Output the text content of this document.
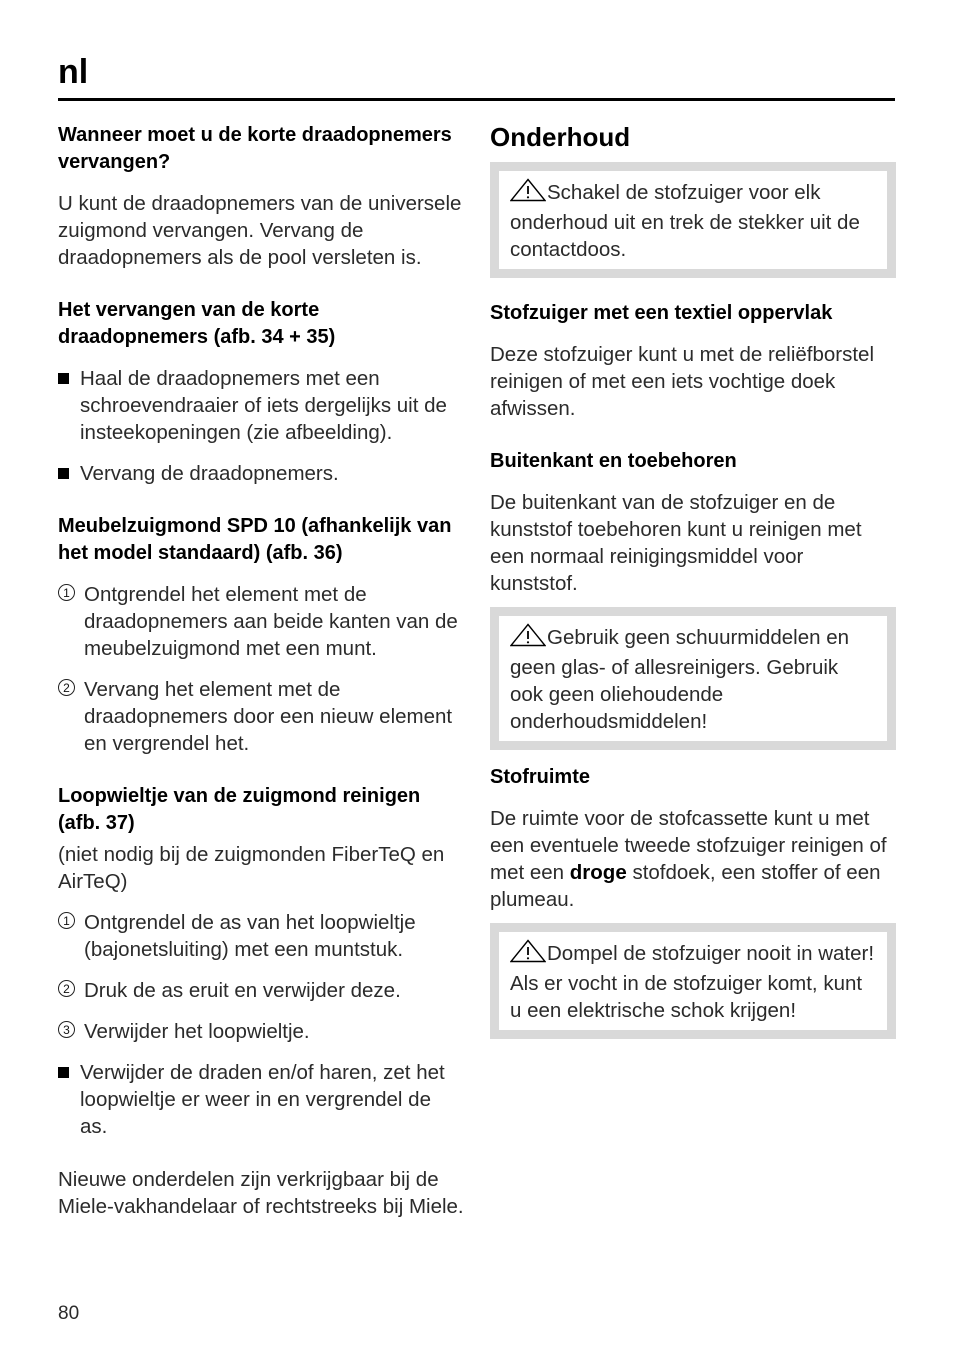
nl
Wanneer moet u de korte draadopnemers vervangen?
U kunt de draadopnemers van de universele zuigmond vervangen. Vervang de draadopnemers als de pool versleten is.
Het vervangen van de korte draadopnemers (afb. 34 + 35)
Haal de draadopnemers met een schroevendraaier of iets dergelijks uit de insteekopeningen (zie afbeelding).
Vervang de draadopnemers.
Meubelzuigmond SPD 10 (afhankelijk van het model standaard) (afb. 36)
1 Ontgrendel het element met de draadopnemers aan beide kanten van de meubelzuigmond met een munt.
2 Vervang het element met de draadopnemers door een nieuw element en vergrendel het.
Loopwieltje van de zuigmond reinigen (afb. 37)
(niet nodig bij de zuigmonden FiberTeQ en AirTeQ)
1 Ontgrendel de as van het loopwieltje (bajonetsluiting) met een muntstuk.
2 Druk de as eruit en verwijder deze.
3 Verwijder het loopwieltje.
Verwijder de draden en/of haren, zet het loopwieltje er weer in en vergrendel de as.
Nieuwe onderdelen zijn verkrijgbaar bij de Miele-vakhandelaar of rechtstreeks bij Miele.
Onderhoud
Schakel de stofzuiger voor elk onderhoud uit en trek de stekker uit de contactdoos.
Stofzuiger met een textiel oppervlak
Deze stofzuiger kunt u met de reliëfborstel reinigen of met een iets vochtige doek afwissen.
Buitenkant en toebehoren
De buitenkant van de stofzuiger en de kunststof toebehoren kunt u reinigen met een normaal reinigingsmiddel voor kunststof.
Gebruik geen schuurmiddelen en geen glas- of allesreinigers. Gebruik ook geen oliehoudende onderhoudsmiddelen!
Stofruimte
De ruimte voor de stofcassette kunt u met een eventuele tweede stofzuiger reinigen of met een droge stofdoek, een stoffer of een plumeau.
Dompel de stofzuiger nooit in water! Als er vocht in de stofzuiger komt, kunt u een elektrische schok krijgen!
80
